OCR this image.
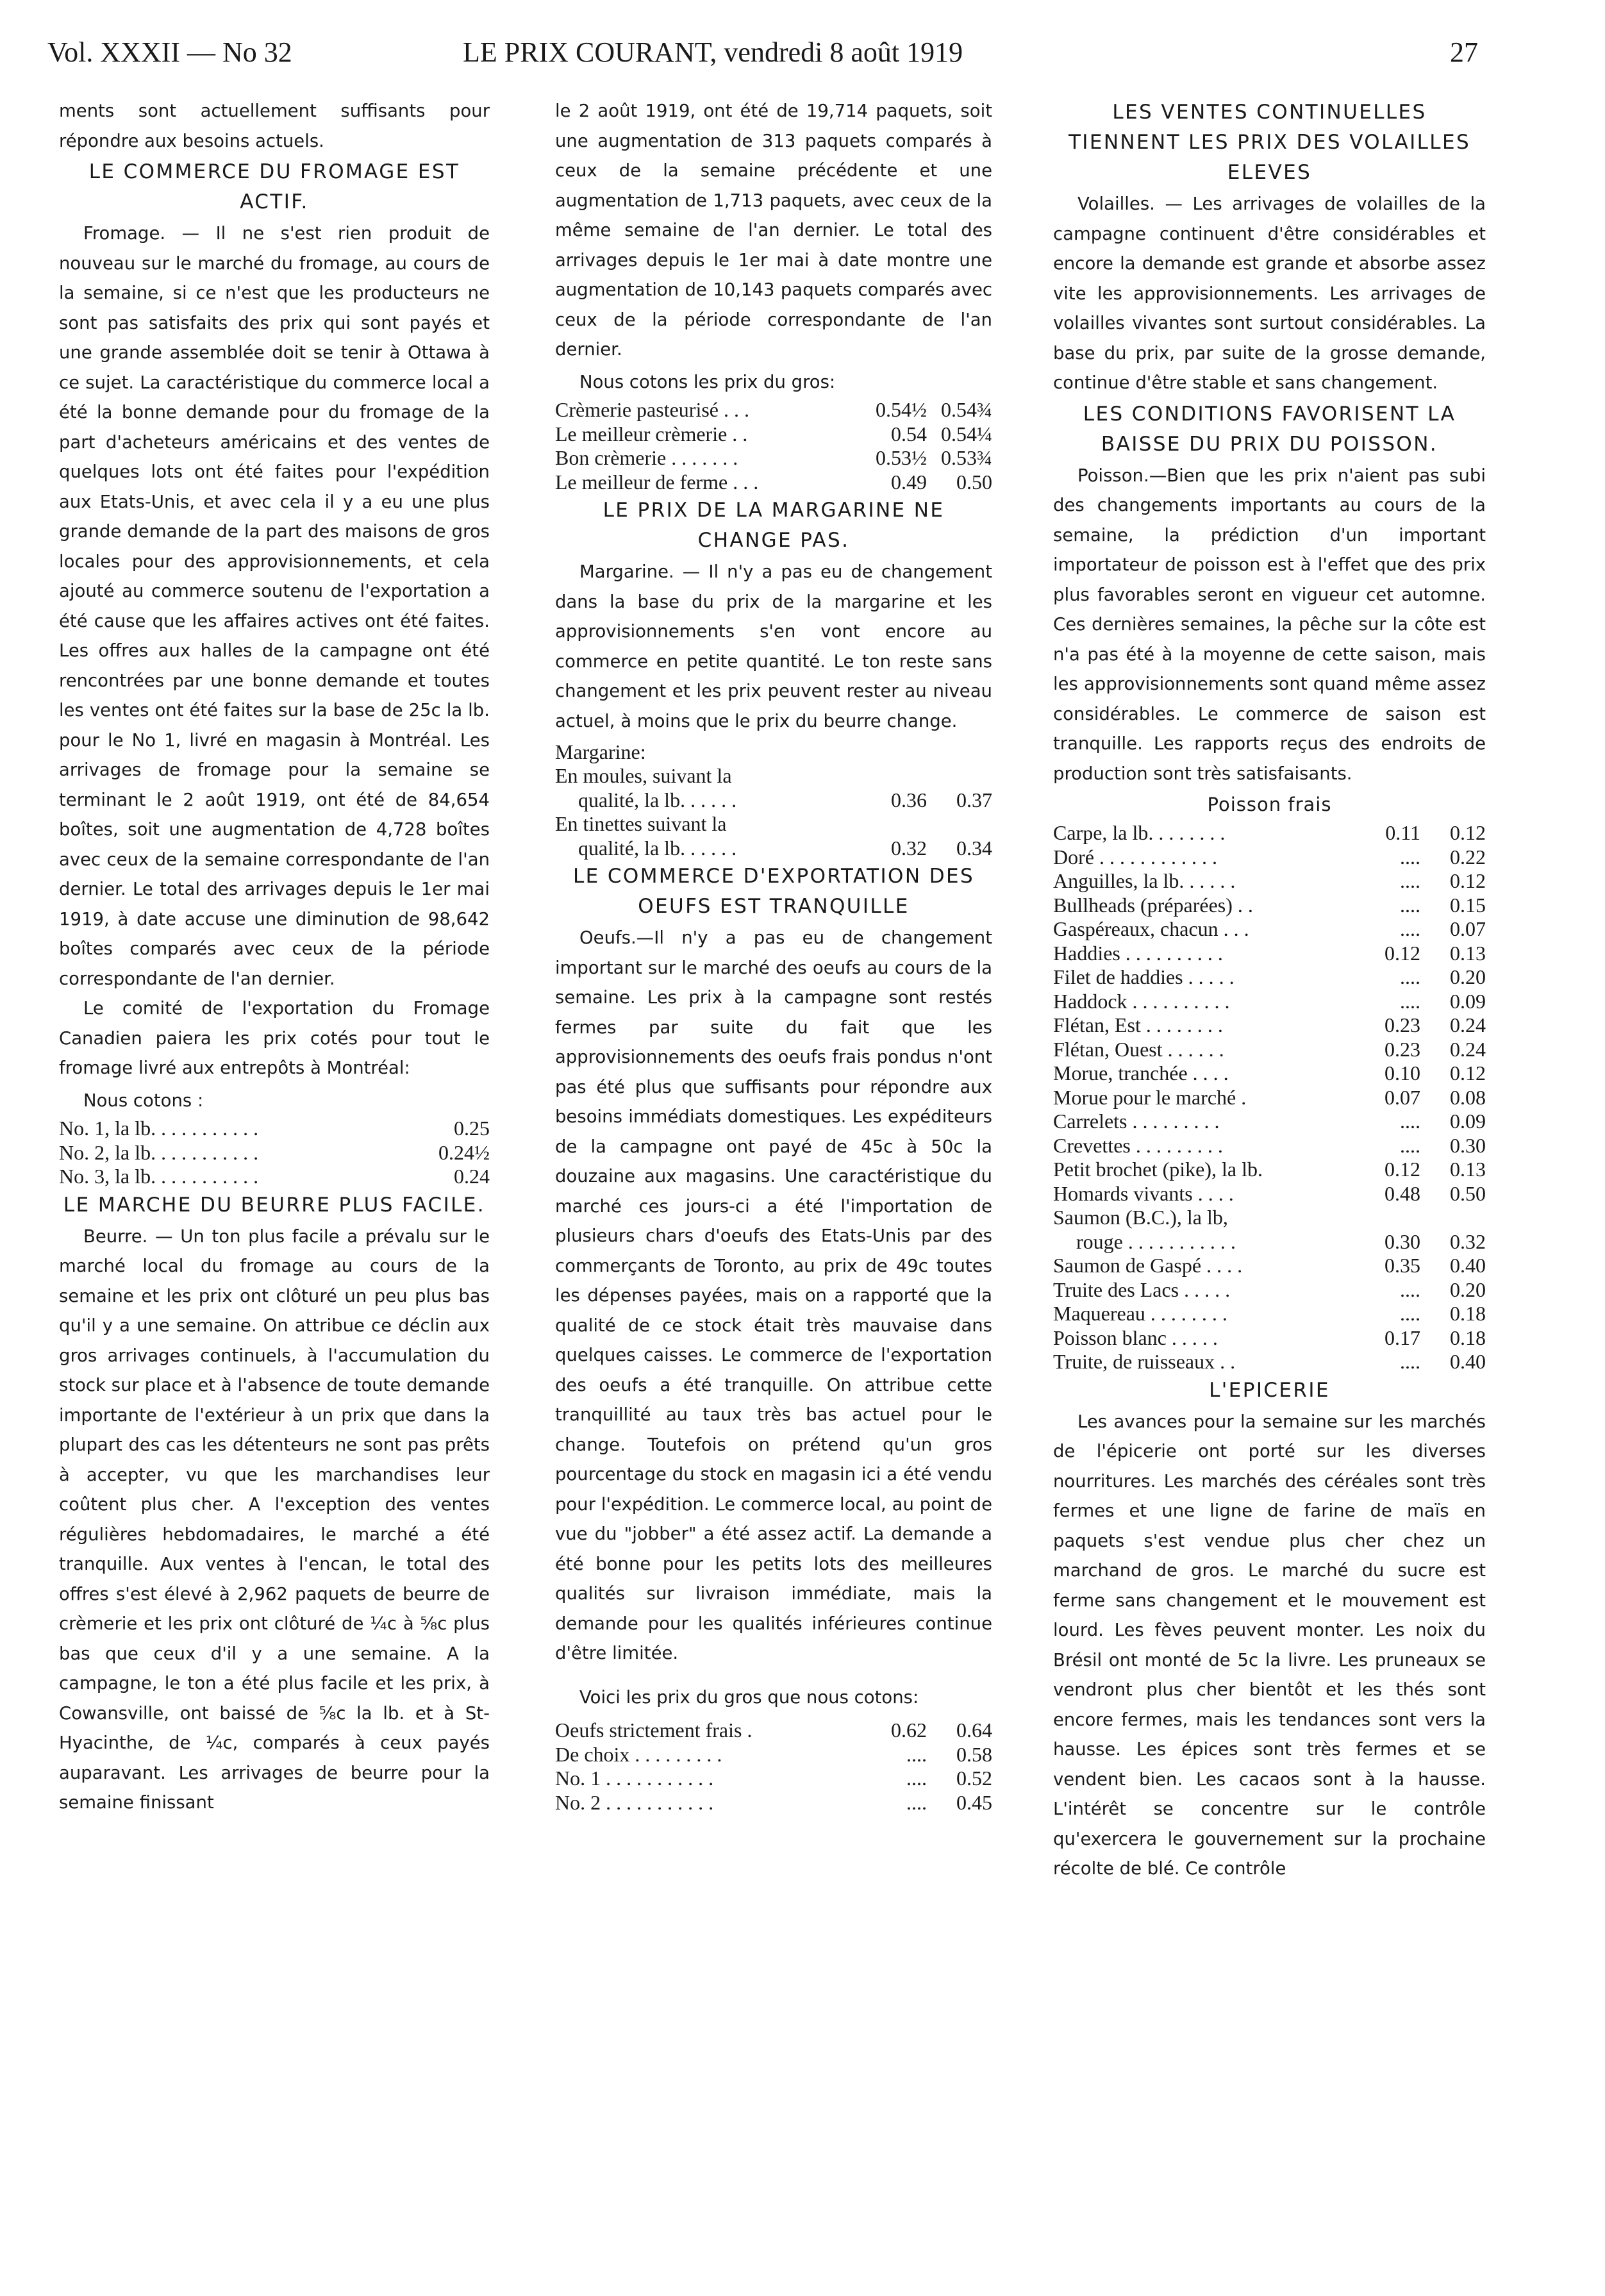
Vol. XXXII — No 32	LE PRIX COURANT, vendredi 8 août 1919	27

ments sont actuellement suffisants pour répondre aux besoins actuels.

LE COMMERCE DU FROMAGE EST ACTIF.

Fromage. — Il ne s'est rien produit de nouveau sur le marché du fromage, au cours de la semaine, si ce n'est que les producteurs ne sont pas satisfaits des prix qui sont payés et une grande assemblée doit se tenir à Ottawa à ce sujet. La caractéristique du commerce local a été la bonne demande pour du fromage de la part d'acheteurs américains et des ventes de quelques lots ont été faites pour l'expédition aux Etats-Unis, et avec cela il y a eu une plus grande demande de la part des maisons de gros locales pour des approvisionnements, et cela ajouté au commerce soutenu de l'exportation a été cause que les affaires actives ont été faites. Les offres aux halles de la campagne ont été rencontrées par une bonne demande et toutes les ventes ont été faites sur la base de 25c la lb. pour le No 1, livré en magasin à Montréal. Les arrivages de fromage pour la semaine se terminant le 2 août 1919, ont été de 84,654 boîtes, soit une augmentation de 4,728 boîtes avec ceux de la semaine correspondante de l'an dernier. Le total des arrivages depuis le 1er mai 1919, à date accuse une diminution de 98,642 boîtes comparés avec ceux de la période correspondante de l'an dernier.

Le comité de l'exportation du Fromage Canadien paiera les prix cotés pour tout le fromage livré aux entrepôts à Montréal:

Nous cotons :

No. 1, la lb. . . . . . . . . . .		0.25
No. 2, la lb. . . . . . . . . . .		0.24½
No. 3, la lb. . . . . . . . . . .		0.24
LE MARCHE DU BEURRE PLUS FACILE.

Beurre. — Un ton plus facile a prévalu sur le marché local du fromage au cours de la semaine et les prix ont clôturé un peu plus bas qu'il y a une semaine. On attribue ce déclin aux gros arrivages continuels, à l'accumulation du stock sur place et à l'absence de toute demande importante de l'extérieur à un prix que dans la plupart des cas les détenteurs ne sont pas prêts à accepter, vu que les marchandises leur coûtent plus cher. A l'exception des ventes régulières hebdomadaires, le marché a été tranquille. Aux ventes à l'encan, le total des offres s'est élevé à 2,962 paquets de beurre de crèmerie et les prix ont clôturé de ¼c à ⅝c plus bas que ceux d'il y a une semaine. A la campagne, le ton a été plus facile et les prix, à Cowansville, ont baissé de ⅝c la lb. et à St-Hyacinthe, de ¼c, comparés à ceux payés auparavant. Les arrivages de beurre pour la semaine finissant

le 2 août 1919, ont été de 19,714 paquets, soit une augmentation de 313 paquets comparés à ceux de la semaine précédente et une augmentation de 1,713 paquets, avec ceux de la même semaine de l'an dernier. Le total des arrivages depuis le 1er mai à date montre une augmentation de 10,143 paquets comparés avec ceux de la période correspondante de l'an dernier.

Nous cotons les prix du gros:

Crèmerie pasteurisé . . .	0.54½	0.54¾
Le meilleur crèmerie . .	0.54	0.54¼
Bon crèmerie . . . . . . .	0.53½	0.53¾
Le meilleur de ferme . . .	0.49	0.50
LE PRIX DE LA MARGARINE NE CHANGE PAS.

Margarine. — Il n'y a pas eu de changement dans la base du prix de la margarine et les approvisionnements s'en vont encore au commerce en petite quantité. Le ton reste sans changement et les prix peuvent rester au niveau actuel, à moins que le prix du beurre change.

Margarine:
En moules, suivant la		
qualité, la lb. . . . . .	0.36	0.37
En tinettes suivant la		
qualité, la lb. . . . . .	0.32	0.34
LE COMMERCE D'EXPORTATION DES OEUFS EST TRANQUILLE

Oeufs.—Il n'y a pas eu de changement important sur le marché des oeufs au cours de la semaine. Les prix à la campagne sont restés fermes par suite du fait que les approvisionnements des oeufs frais pondus n'ont pas été plus que suffisants pour répondre aux besoins immédiats domestiques. Les expéditeurs de la campagne ont payé de 45c à 50c la douzaine aux magasins. Une caractéristique du marché ces jours-ci a été l'importation de plusieurs chars d'oeufs des Etats-Unis par des commerçants de Toronto, au prix de 49c toutes les dépenses payées, mais on a rapporté que la qualité de ce stock était très mauvaise dans quelques caisses. Le commerce de l'exportation des oeufs a été tranquille. On attribue cette tranquillité au taux très bas actuel pour le change. Toutefois on prétend qu'un gros pourcentage du stock en magasin ici a été vendu pour l'expédition. Le commerce local, au point de vue du "jobber" a été assez actif. La demande a été bonne pour les petits lots des meilleures qualités sur livraison immédiate, mais la demande pour les qualités inférieures continue d'être limitée.

Voici les prix du gros que nous cotons:

Oeufs strictement frais .	0.62	0.64
De choix . . . . . . . . .	....	0.58
No. 1 . . . . . . . . . . .	....	0.52
No. 2 . . . . . . . . . . .	....	0.45
LES VENTES CONTINUELLES TIENNENT LES PRIX DES VOLAILLES ELEVES

Volailles. — Les arrivages de volailles de la campagne continuent d'être considérables et encore la demande est grande et absorbe assez vite les approvisionnements. Les arrivages de volailles vivantes sont surtout considérables. La base du prix, par suite de la grosse demande, continue d'être stable et sans changement.

LES CONDITIONS FAVORISENT LA BAISSE DU PRIX DU POISSON.

Poisson.—Bien que les prix n'aient pas subi des changements importants au cours de la semaine, la prédiction d'un important importateur de poisson est à l'effet que des prix plus favorables seront en vigueur cet automne. Ces dernières semaines, la pêche sur la côte est n'a pas été à la moyenne de cette saison, mais les approvisionnements sont quand même assez considérables. Le commerce de saison est tranquille. Les rapports reçus des endroits de production sont très satisfaisants.

Poisson frais
Carpe, la lb. . . . . . . .	0.11	0.12
Doré . . . . . . . . . . . .	....	0.22
Anguilles, la lb. . . . . .	....	0.12
Bullheads (préparées) . .	....	0.15
Gaspéreaux, chacun . . .	....	0.07
Haddies . . . . . . . . . .	0.12	0.13
Filet de haddies . . . . .	....	0.20
Haddock . . . . . . . . . .	....	0.09
Flétan, Est . . . . . . . .	0.23	0.24
Flétan, Ouest . . . . . .	0.23	0.24
Morue, tranchée . . . .	0.10	0.12
Morue pour le marché .	0.07	0.08
Carrelets . . . . . . . . .	....	0.09
Crevettes . . . . . . . . .	....	0.30
Petit brochet (pike), la lb.	0.12	0.13
Homards vivants . . . .	0.48	0.50
Saumon (B.C.), la lb,		
rouge . . . . . . . . . . .	0.30	0.32
Saumon de Gaspé . . . .	0.35	0.40
Truite des Lacs . . . . .	....	0.20
Maquereau . . . . . . . .	....	0.18
Poisson blanc . . . . .	0.17	0.18
Truite, de ruisseaux . .	....	0.40
L'EPICERIE

Les avances pour la semaine sur les marchés de l'épicerie ont porté sur les diverses nourritures. Les marchés des céréales sont très fermes et une ligne de farine de maïs en paquets s'est vendue plus cher chez un marchand de gros. Le marché du sucre est ferme sans changement et le mouvement est lourd. Les fèves peuvent monter. Les noix du Brésil ont monté de 5c la livre. Les pruneaux se vendront plus cher bientôt et les thés sont encore fermes, mais les tendances sont vers la hausse. Les épices sont très fermes et se vendent bien. Les cacaos sont à la hausse. L'intérêt se concentre sur le contrôle qu'exercera le gouvernement sur la prochaine récolte de blé. Ce contrôle
